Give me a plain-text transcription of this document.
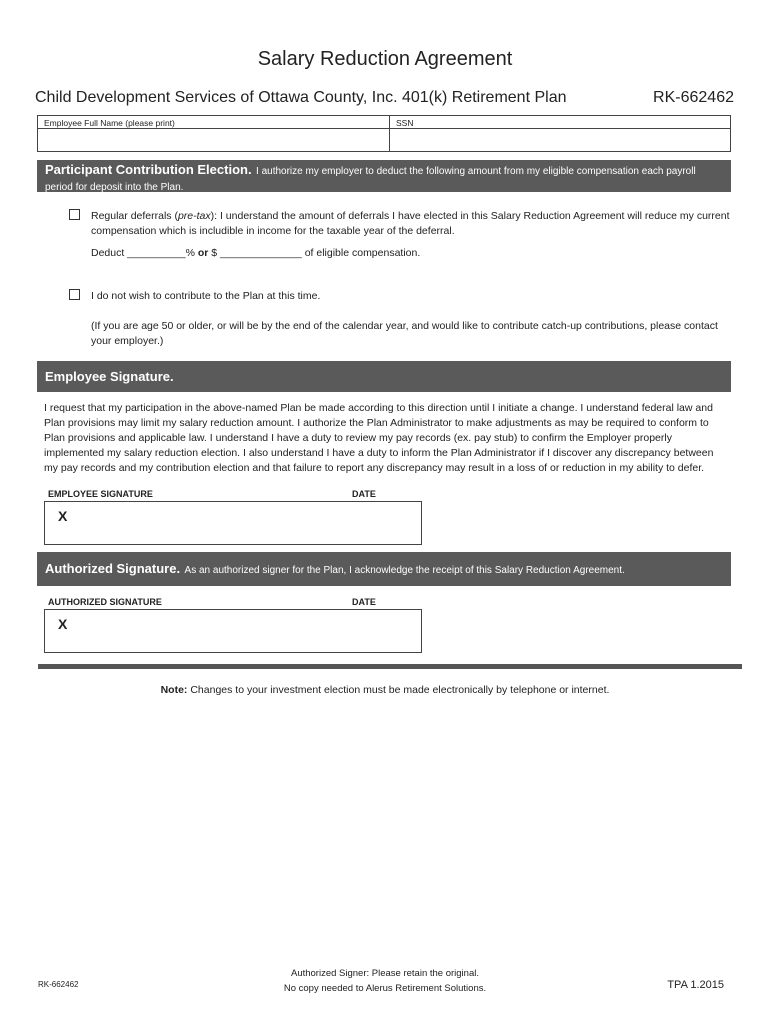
Salary Reduction Agreement
Child Development Services of Ottawa County, Inc. 401(k) Retirement Plan	RK-662462
Employee Full Name (please print)	SSN
Participant Contribution Election. I authorize my employer to deduct the following amount from my eligible compensation each payroll period for deposit into the Plan.
Regular deferrals (pre-tax): I understand the amount of deferrals I have elected in this Salary Reduction Agreement will reduce my current compensation which is includible in income for the taxable year of the deferral.
Deduct __________% or $ ______________ of eligible compensation.
I do not wish to contribute to the Plan at this time.
(If you are age 50 or older, or will be by the end of the calendar year, and would like to contribute catch-up contributions, please contact your employer.)
Employee Signature.
I request that my participation in the above-named Plan be made according to this direction until I initiate a change. I understand federal law and Plan provisions may limit my salary reduction amount. I authorize the Plan Administrator to make adjustments as may be required to conform to Plan provisions and applicable law. I understand I have a duty to review my pay records (ex. pay stub) to confirm the Employer properly implemented my salary reduction election. I also understand I have a duty to inform the Plan Administrator if I discover any discrepancy between my pay records and my contribution election and that failure to report any discrepancy may result in a loss of or reduction in my ability to defer.
EMPLOYEE SIGNATURE	DATE
X
Authorized Signature. As an authorized signer for the Plan, I acknowledge the receipt of this Salary Reduction Agreement.
AUTHORIZED SIGNATURE	DATE
X
Note: Changes to your investment election must be made electronically by telephone or internet.
RK-662462
Authorized Signer: Please retain the original.
No copy needed to Alerus Retirement Solutions.	TPA 1.2015
